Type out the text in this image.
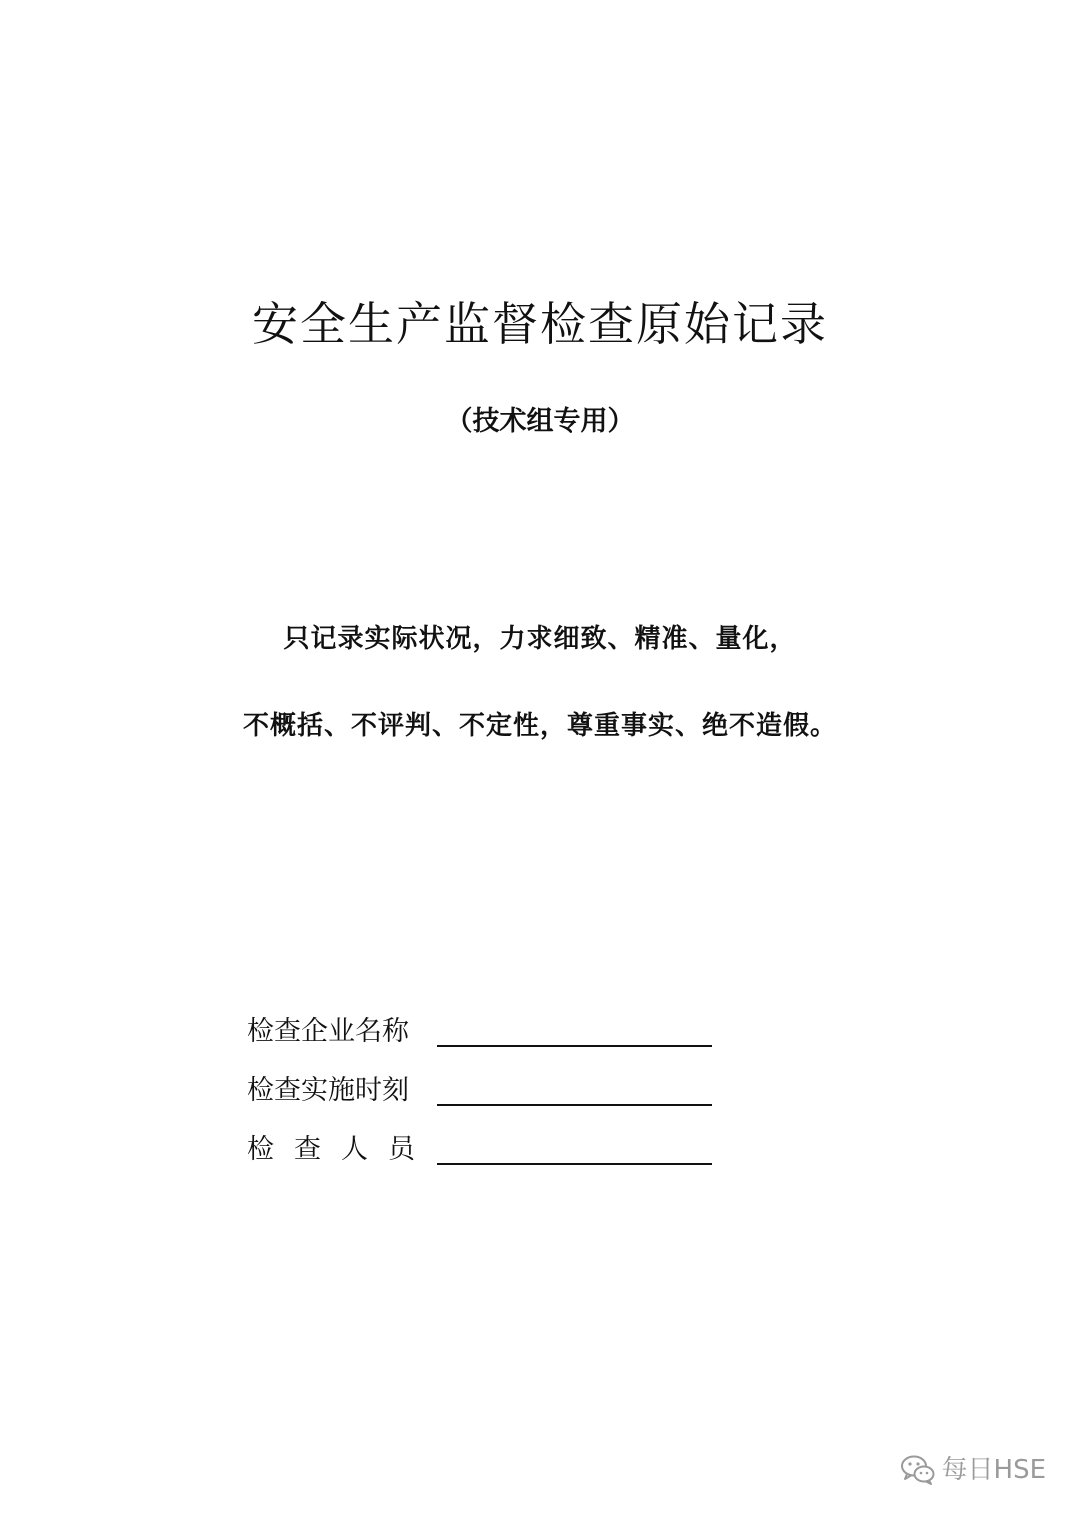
安全生产监督检查原始记录
（技术组专用）
只记录实际状况，力求细致、精准、量化，
不概括、不评判、不定性，尊重事实、绝不造假。
检查企业名称
检查实施时刻
检查人员
每日HSE
